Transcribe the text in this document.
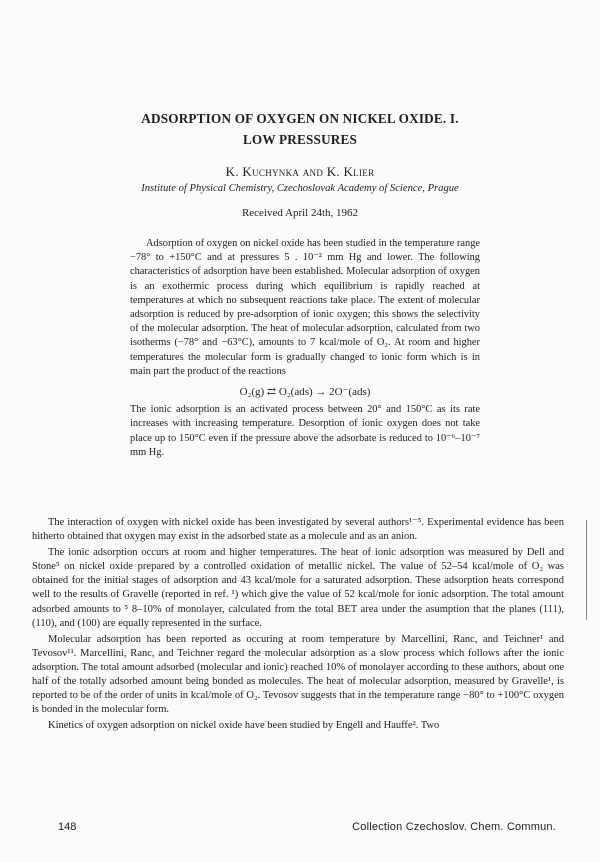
ADSORPTION OF OXYGEN ON NICKEL OXIDE. I.
LOW PRESSURES
K. Kuchynka and K. Klier
Institute of Physical Chemistry, Czechoslovak Academy of Science, Prague
Received April 24th, 1962

Adsorption of oxygen on nickel oxide has been studied in the temperature range −78° to +150°C and at pressures 5 . 10⁻² mm Hg and lower. The following characteristics of adsorption have been established. Molecular adsorption of oxygen is an exothermic process during which equilibrium is rapidly reached at temperatures at which no subsequent reactions take place. The extent of molecular adsorption is reduced by pre-adsorption of ionic oxygen; this shows the selectivity of the molecular adsorption. The heat of molecular adsorption, calculated from two isotherms (−78° and −63°C), amounts to 7 kcal/mole of O₂. At room and higher temperatures the molecular form is gradually changed to ionic form which is in main part the product of the reactions

O₂(g) ⇄ O₂(ads) → 2O⁻(ads)

The ionic adsorption is an activated process between 20° and 150°C as its rate increases with increasing temperature. Desorption of ionic oxygen does not take place up to 150°C even if the pressure above the adsorbate is reduced to 10⁻⁶–10⁻⁷ mm Hg.

The interaction of oxygen with nickel oxide has been investigated by several authors¹⁻⁵. Experimental evidence has been hitherto obtained that oxygen may exist in the adsorbed state as a molecule and as an anion.

The ionic adsorption occurs at room and higher temperatures. The heat of ionic adsorption was measured by Dell and Stone⁵ on nickel oxide prepared by a controlled oxidation of metallic nickel. The value of 52–54 kcal/mole of O₂ was obtained for the initial stages of adsorption and 43 kcal/mole for a saturated adsorption. These adsorption heats correspond well to the results of Gravelle (reported in ref. ¹) which give the value of 52 kcal/mole for ionic adsorption. The total amount adsorbed amounts to ⁵ 8–10% of monolayer, calculated from the total BET area under the asumption that the planes (111), (110), and (100) are equally represented in the surface.

Molecular adsorption has been reported as occuring at room temperature by Marcellini, Ranc, and Teichner¹ and Tevosov¹¹. Marcellini, Ranc, and Teichner regard the molecular adsorption as a slow process which follows after the ionic adsorption. The total amount adsorbed (molecular and ionic) reached 10% of monolayer according to these authors, about one half of the totally adsorbed amount being bonded as molecules. The heat of molecular adsorption, measured by Gravelle¹, is reported to be of the order of units in kcal/mole of O₂. Tevosov suggests that in the temperature range −80° to +100°C oxygen is bonded in the molecular form.

Kinetics of oxygen adsorption on nickel oxide have been studied by Engell and Hauffe². Two

148	Collection Czechoslov. Chem. Commun.
